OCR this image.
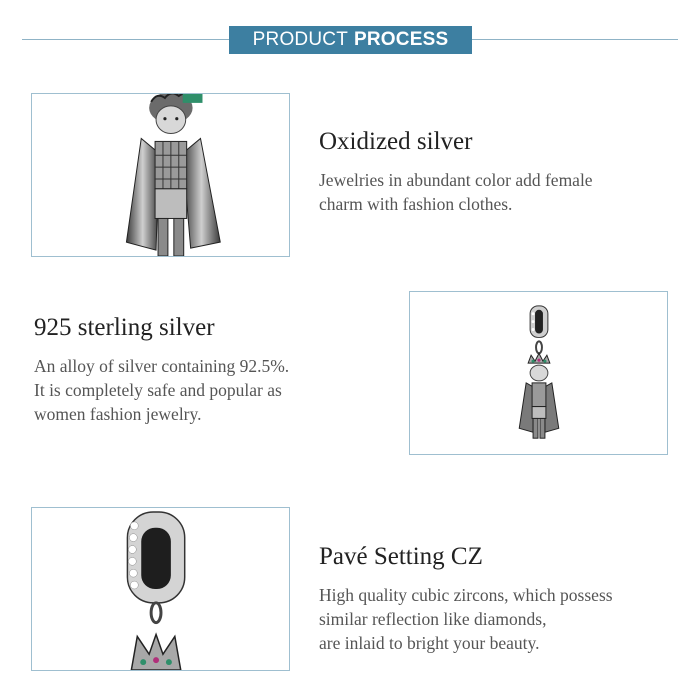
PRODUCT PROCESS
Oxidized silver
Jewelries in abundant color add female
charm with fashion clothes.
925 sterling silver
An alloy of silver containing 92.5%.
It is completely safe and popular as
women fashion jewelry.
Pavé Setting CZ
High quality cubic zircons, which possess
similar reflection like diamonds,
are inlaid to bright your beauty.
